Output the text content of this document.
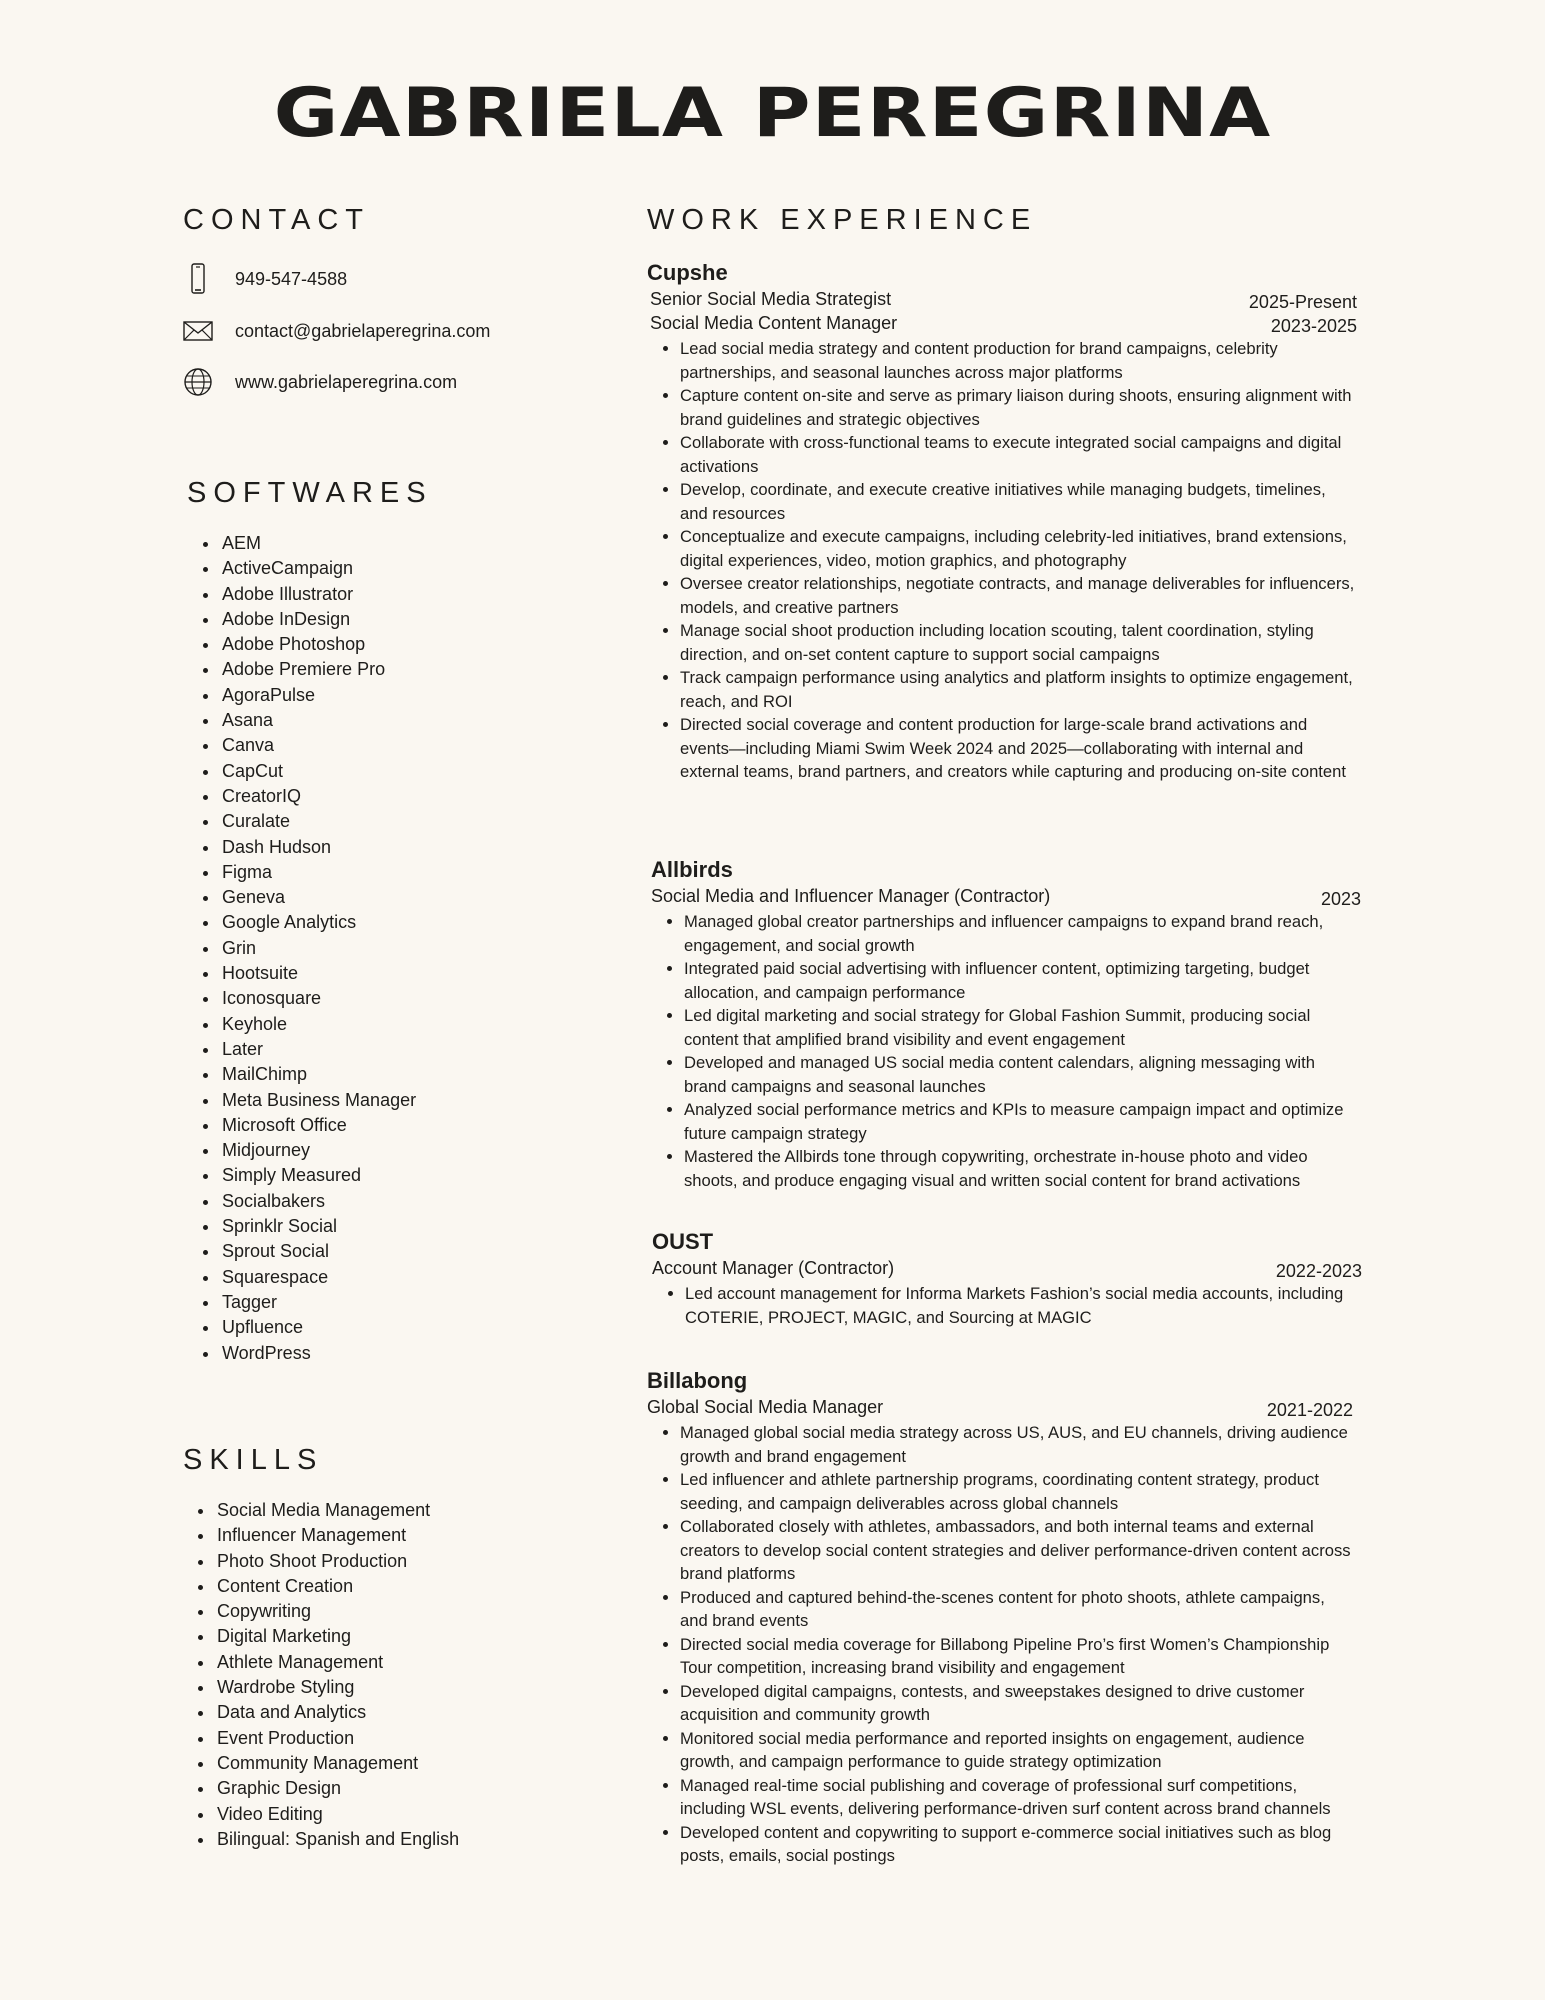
GABRIELA PEREGRINA
CONTACT
949-547-4588
contact@gabrielaperegrina.com
www.gabrielaperegrina.com
SOFTWARES
• AEM
• ActiveCampaign
• Adobe Illustrator
• Adobe InDesign
• Adobe Photoshop
• Adobe Premiere Pro
• AgoraPulse
• Asana
• Canva
• CapCut
• CreatorIQ
• Curalate
• Dash Hudson
• Figma
• Geneva
• Google Analytics
• Grin
• Hootsuite
• Iconosquare
• Keyhole
• Later
• MailChimp
• Meta Business Manager
• Microsoft Office
• Midjourney
• Simply Measured
• Socialbakers
• Sprinklr Social
• Sprout Social
• Squarespace
• Tagger
• Upfluence
• WordPress
SKILLS
• Social Media Management
• Influencer Management
• Photo Shoot Production
• Content Creation
• Copywriting
• Digital Marketing
• Athlete Management
• Wardrobe Styling
• Data and Analytics
• Event Production
• Community Management
• Graphic Design
• Video Editing
• Bilingual: Spanish and English
WORK EXPERIENCE
Cupshe
Senior Social Media Strategist	2025-Present
Social Media Content Manager	2023-2025
• Lead social media strategy and content production for brand campaigns, celebrity partnerships, and seasonal launches across major platforms
• Capture content on-site and serve as primary liaison during shoots, ensuring alignment with brand guidelines and strategic objectives
• Collaborate with cross-functional teams to execute integrated social campaigns and digital activations
• Develop, coordinate, and execute creative initiatives while managing budgets, timelines, and resources
• Conceptualize and execute campaigns, including celebrity-led initiatives, brand extensions, digital experiences, video, motion graphics, and photography
• Oversee creator relationships, negotiate contracts, and manage deliverables for influencers, models, and creative partners
• Manage social shoot production including location scouting, talent coordination, styling direction, and on-set content capture to support social campaigns
• Track campaign performance using analytics and platform insights to optimize engagement, reach, and ROI
• Directed social coverage and content production for large-scale brand activations and events—including Miami Swim Week 2024 and 2025—collaborating with internal and external teams, brand partners, and creators while capturing and producing on-site content
Allbirds
Social Media and Influencer Manager (Contractor)	2023
• Managed global creator partnerships and influencer campaigns to expand brand reach, engagement, and social growth
• Integrated paid social advertising with influencer content, optimizing targeting, budget allocation, and campaign performance
• Led digital marketing and social strategy for Global Fashion Summit, producing social content that amplified brand visibility and event engagement
• Developed and managed US social media content calendars, aligning messaging with brand campaigns and seasonal launches
• Analyzed social performance metrics and KPIs to measure campaign impact and optimize future campaign strategy
• Mastered the Allbirds tone through copywriting, orchestrate in-house photo and video shoots, and produce engaging visual and written social content for brand activations
OUST
Account Manager (Contractor)	2022-2023
• Led account management for Informa Markets Fashion’s social media accounts, including COTERIE, PROJECT, MAGIC, and Sourcing at MAGIC
Billabong
Global Social Media Manager	2021-2022
• Managed global social media strategy across US, AUS, and EU channels, driving audience growth and brand engagement
• Led influencer and athlete partnership programs, coordinating content strategy, product seeding, and campaign deliverables across global channels
• Collaborated closely with athletes, ambassadors, and both internal teams and external creators to develop social content strategies and deliver performance-driven content across brand platforms
• Produced and captured behind-the-scenes content for photo shoots, athlete campaigns, and brand events
• Directed social media coverage for Billabong Pipeline Pro’s first Women’s Championship Tour competition, increasing brand visibility and engagement
• Developed digital campaigns, contests, and sweepstakes designed to drive customer acquisition and community growth
• Monitored social media performance and reported insights on engagement, audience growth, and campaign performance to guide strategy optimization
• Managed real-time social publishing and coverage of professional surf competitions, including WSL events, delivering performance-driven surf content across brand channels
• Developed content and copywriting to support e-commerce social initiatives such as blog posts, emails, social postings
